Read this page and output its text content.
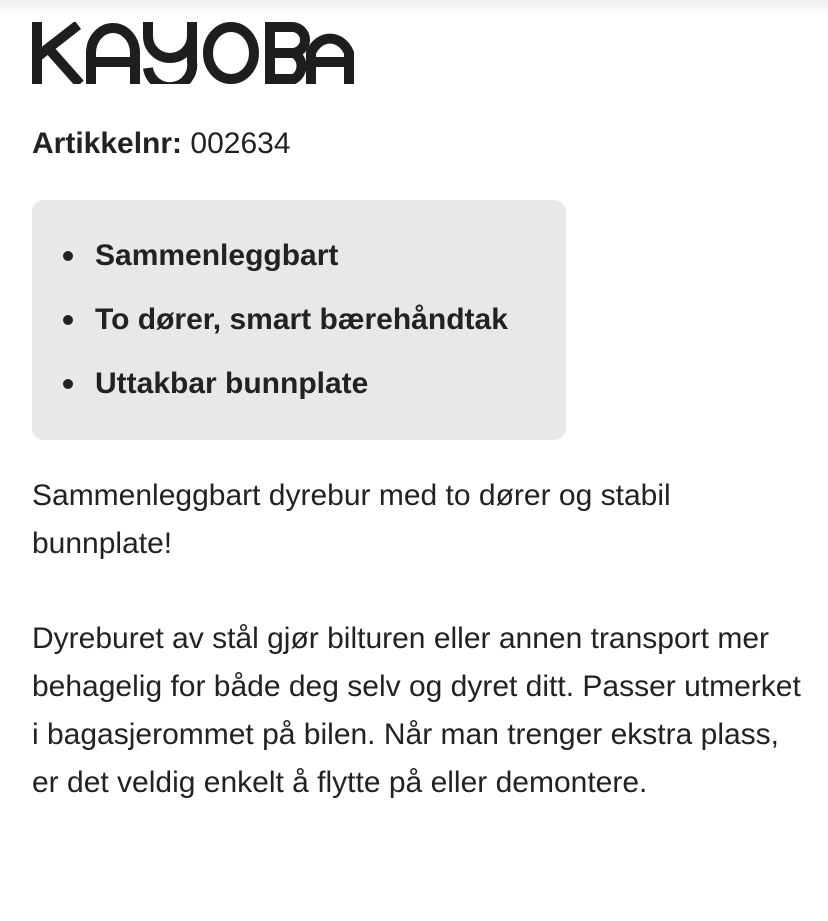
Artikkelnr: 002634
Sammenleggbart
To dører, smart bærehåndtak
Uttakbar bunnplate

Sammenleggbart dyrebur med to dører og stabil bunnplate!

Dyreburet av stål gjør bilturen eller annen transport mer behagelig for både deg selv og dyret ditt. Passer utmerket i bagasjerommet på bilen. Når man trenger ekstra plass, er det veldig enkelt å flytte på eller demontere.
